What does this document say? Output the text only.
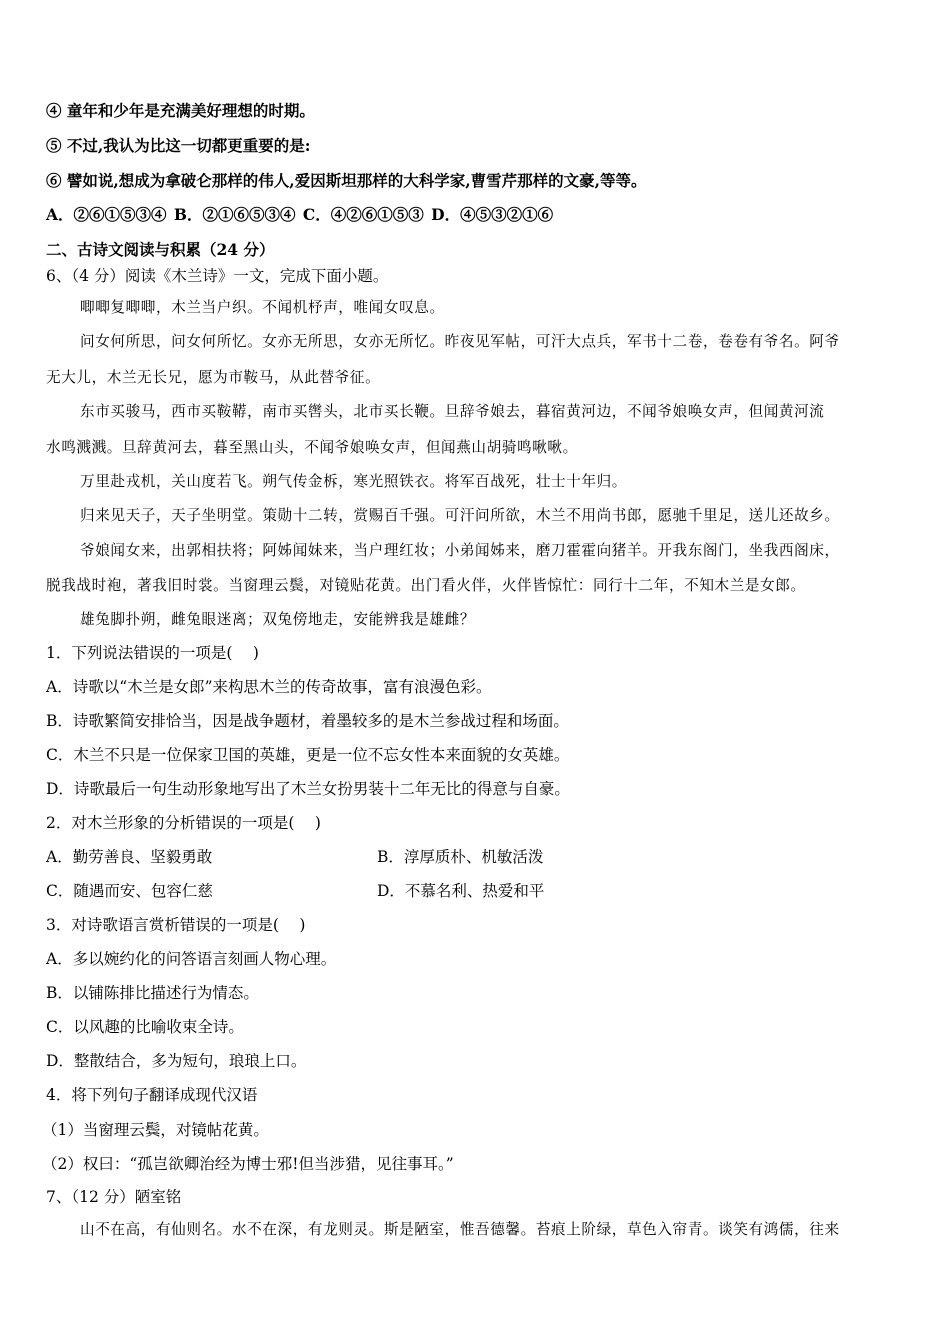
④ 童年和少年是充满美好理想的时期。
⑤ 不过,我认为比这一切都更重要的是:
⑥ 譬如说,想成为拿破仑那样的伟人,爱因斯坦那样的大科学家,曹雪芹那样的文豪,等等。
A．②⑥①⑤③④ B．②①⑥⑤③④ C．④②⑥①⑤③ D．④⑤③②①⑥
二、古诗文阅读与积累（24 分）
6、（4 分）阅读《木兰诗》一文，完成下面小题。
唧唧复唧唧，木兰当户织。不闻机杼声，唯闻女叹息。
问女何所思，问女何所忆。女亦无所思，女亦无所忆。昨夜见军帖，可汗大点兵，军书十二卷，卷卷有爷名。阿爷
无大儿，木兰无长兄，愿为市鞍马，从此替爷征。
东市买骏马，西市买鞍鞯，南市买辔头，北市买长鞭。旦辞爷娘去，暮宿黄河边，不闻爷娘唤女声，但闻黄河流
水鸣溅溅。旦辞黄河去，暮至黑山头，不闻爷娘唤女声，但闻燕山胡骑鸣啾啾。
万里赴戎机，关山度若飞。朔气传金柝，寒光照铁衣。将军百战死，壮士十年归。
归来见天子，天子坐明堂。策勋十二转，赏赐百千强。可汗问所欲，木兰不用尚书郎，愿驰千里足，送儿还故乡。
爷娘闻女来，出郭相扶将；阿姊闻妹来，当户理红妆；小弟闻姊来，磨刀霍霍向猪羊。开我东阁门，坐我西阁床，
脱我战时袍，著我旧时裳。当窗理云鬓，对镜贴花黄。出门看火伴，火伴皆惊忙：同行十二年，不知木兰是女郎。
雄兔脚扑朔，雌兔眼迷离；双兔傍地走，安能辨我是雄雌？
1．下列说法错误的一项是(　 )
A．诗歌以“木兰是女郎”来构思木兰的传奇故事，富有浪漫色彩。
B．诗歌繁简安排恰当，因是战争题材，着墨较多的是木兰参战过程和场面。
C．木兰不只是一位保家卫国的英雄，更是一位不忘女性本来面貌的女英雄。
D．诗歌最后一句生动形象地写出了木兰女扮男装十二年无比的得意与自豪。
2．对木兰形象的分析错误的一项是(　 )
A．勤劳善良、坚毅勇敢	B．淳厚质朴、机敏活泼
C．随遇而安、包容仁慈	D．不慕名利、热爱和平
3．对诗歌语言赏析错误的一项是(　 )
A．多以婉约化的问答语言刻画人物心理。
B．以铺陈排比描述行为情态。
C．以风趣的比喻收束全诗。
D．整散结合，多为短句，琅琅上口。
4．将下列句子翻译成现代汉语
（1）当窗理云鬓，对镜帖花黄。
（2）权曰：“孤岂欲卿治经为博士邪!但当涉猎，见往事耳。”
7、（12 分）陋室铭
山不在高，有仙则名。水不在深，有龙则灵。斯是陋室，惟吾德馨。苔痕上阶绿，草色入帘青。谈笑有鸿儒，往来
